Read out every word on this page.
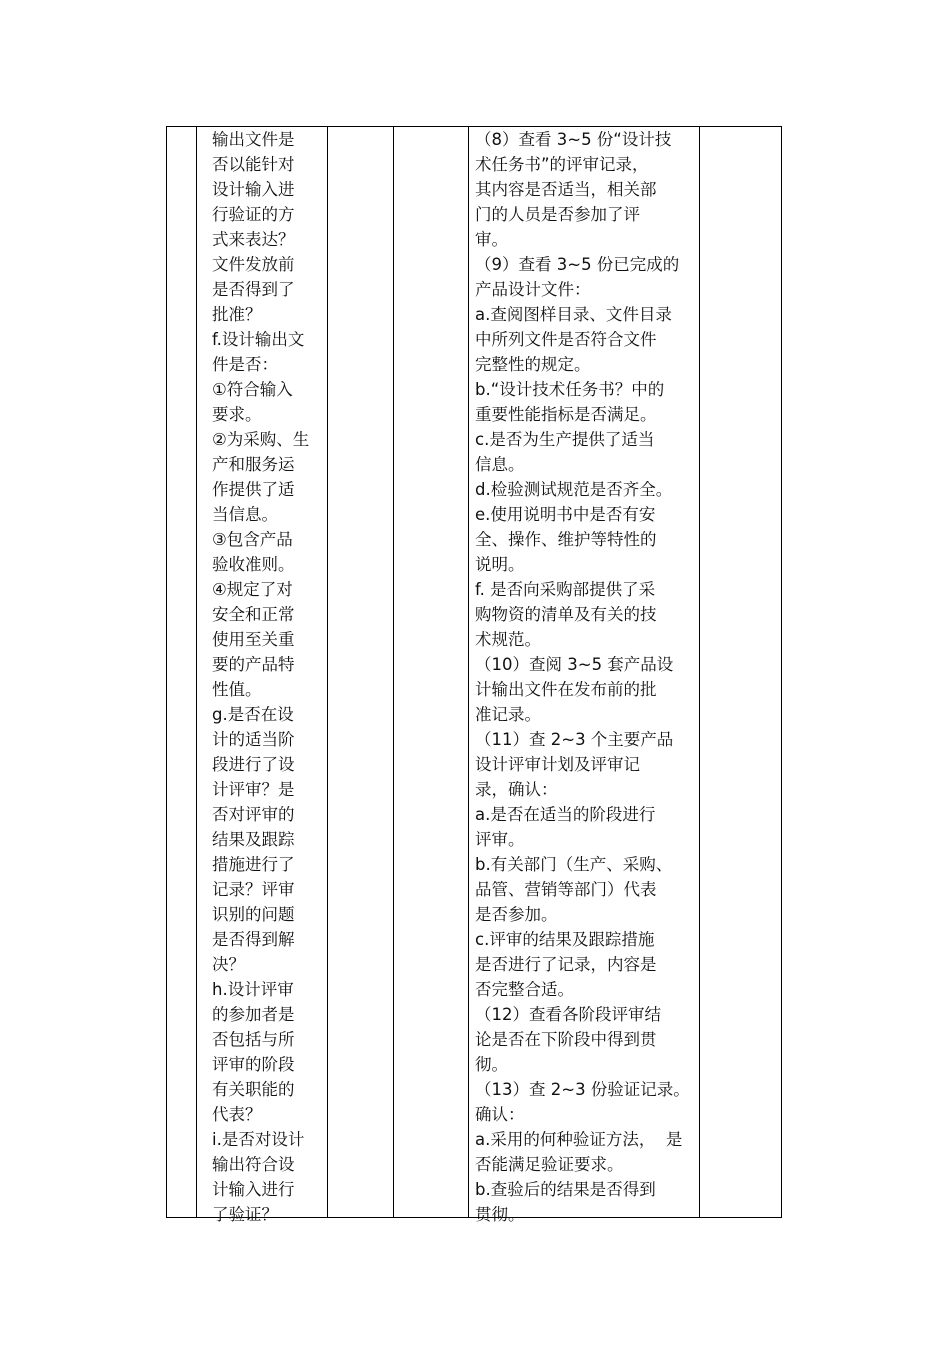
输出文件是

否以能针对

设计输入进

行验证的方

式来表达？

文件发放前

是否得到了

批准？

f.设计输出文

件是否：

①符合输入

要求。

②为采购、生

产和服务运

作提供了适

当信息。

③包含产品

验收准则。

④规定了对

安全和正常

使用至关重

要的产品特

性值。

g.是否在设

计的适当阶

段进行了设

计评审？是

否对评审的

结果及跟踪

措施进行了

记录？评审

识别的问题

是否得到解

决？

h.设计评审

的参加者是

否包括与所

评审的阶段

有关职能的

代表？

i.是否对设计

输出符合设

计输入进行

了验证？

（8）查看 3~5 份“设计技

术任务书”的评审记录，

其内容是否适当，相关部

门的人员是否参加了评

审。

（9）查看 3~5 份已完成的

产品设计文件：

a.查阅图样目录、文件目录

中所列文件是否符合文件

完整性的规定。

b.“设计技术任务书？中的

重要性能指标是否满足。

c.是否为生产提供了适当

信息。

d.检验测试规范是否齐全。

e.使用说明书中是否有安

全、操作、维护等特性的

说明。

f. 是否向采购部提供了采

购物资的清单及有关的技

术规范。

（10）查阅 3~5 套产品设

计输出文件在发布前的批

准记录。

（11）查 2~3 个主要产品

设计评审计划及评审记

录，确认：

a.是否在适当的阶段进行

评审。

b.有关部门（生产、采购、

品管、营销等部门）代表

是否参加。

c.评审的结果及跟踪措施

是否进行了记录，内容是

否完整合适。

（12）查看各阶段评审结

论是否在下阶段中得到贯

彻。

（13）查 2~3 份验证记录。

确认：

a.采用的何种验证方法，  是

否能满足验证要求。

b.查验后的结果是否得到

贯彻。
